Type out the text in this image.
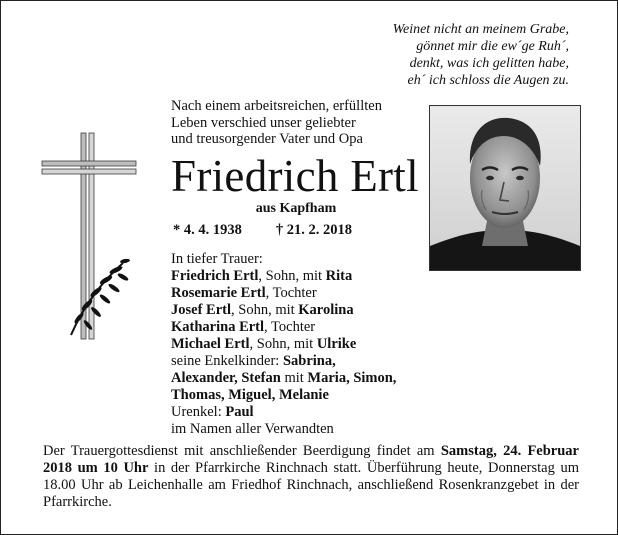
Weinet nicht an meinem Grabe,
gönnet mir die ew´ge Ruh´,
denkt, was ich gelitten habe,
eh´ ich schloss die Augen zu.
Nach einem arbeitsreichen, erfüllten
Leben verschied unser geliebter
und treusorgender Vater und Opa
Friedrich Ertl
aus Kapfham
* 4. 4. 1938 † 21. 2. 2018
In tiefer Trauer:
Friedrich Ertl, Sohn, mit Rita
Rosemarie Ertl, Tochter
Josef Ertl, Sohn, mit Karolina
Katharina Ertl, Tochter
Michael Ertl, Sohn, mit Ulrike
seine Enkelkinder: Sabrina,
Alexander, Stefan mit Maria, Simon,
Thomas, Miguel, Melanie
Urenkel: Paul
im Namen aller Verwandten
Der Trauergottesdienst mit anschließender Beerdigung findet am Samstag, 24. Februar 2018 um 10 Uhr in der Pfarrkirche Rinchnach statt. Überführung heute, Donnerstag um 18.00 Uhr ab Leichenhalle am Friedhof Rinchnach, anschließend Rosenkranzgebet in der Pfarrkirche.
